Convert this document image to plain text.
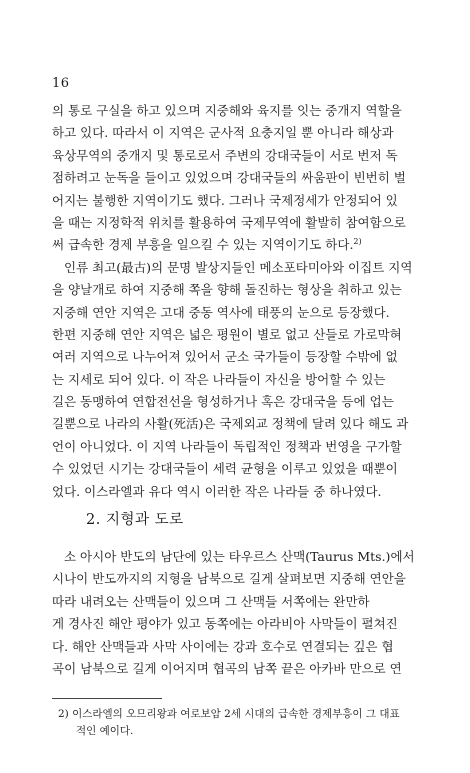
16
의 통로 구실을 하고 있으며 지중해와 육지를 잇는 중개지 역할을
하고 있다. 따라서 이 지역은 군사적 요충지일 뿐 아니라 해상과
육상무역의 중개지 및 통로로서 주변의 강대국들이 서로 번저 독
점하려고 눈독을 들이고 있었으며 강대국들의 싸움판이 빈번히 벌
어지는 불행한 지역이기도 했다. 그러나 국제정세가 안정되어 있
을 때는 지정학적 위치를 활용하여 국제무역에 활발히 참여함으로
써 급속한 경제 부흥을 일으킬 수 있는 지역이기도 하다.$^{2)}$
인류 최고(最古)의 문명 발상지들인 메소포타미아와 이집트 지역
을 양날개로 하여 지중해 쪽을 향해 돌진하는 형상을 취하고 있는
지중해 연안 지역은 고대 중동 역사에 태풍의 눈으로 등장했다.
한편 지중해 연안 지역은 넓은 평원이 별로 없고 산들로 가로막혀
여러 지역으로 나누어져 있어서 군소 국가들이 등장할 수밖에 없
는 지세로 되어 있다. 이 작은 나라들이 자신을 방어할 수 있는
길은 동맹하여 연합전선을 형성하거나 혹은 강대국을 등에 업는
길뿐으로 나라의 사활(死活)은 국제외교 정책에 달려 있다 해도 과
언이 아니었다. 이 지역 나라들이 독립적인 정책과 번영을 구가할
수 있었던 시기는 강대국들이 세력 균형을 이루고 있었을 때뿐이
었다. 이스라엘과 유다 역시 이러한 작은 나라들 중 하나였다.
2. 지형과 도로
소 아시아 반도의 남단에 있는 타우르스 산맥(Taurus Mts.)에서
시나이 반도까지의 지형을 남북으로 길게 살펴보면 지중해 연안을
따라 내려오는 산맥들이 있으며 그 산맥들 서쪽에는 완만하
게 경사진 해안 평야가 있고 동쪽에는 아라비아 사막들이 펼쳐진
다. 해안 산맥들과 사막 사이에는 강과 호수로 연결되는 깊은 협
곡이 남북으로 길게 이어지며 협곡의 남쪽 끝은 아카바 만으로 연
2) 이스라엘의 오므리왕과 여로보암 2세 시대의 급속한 경제부흥이 그 대표
적인 예이다.
